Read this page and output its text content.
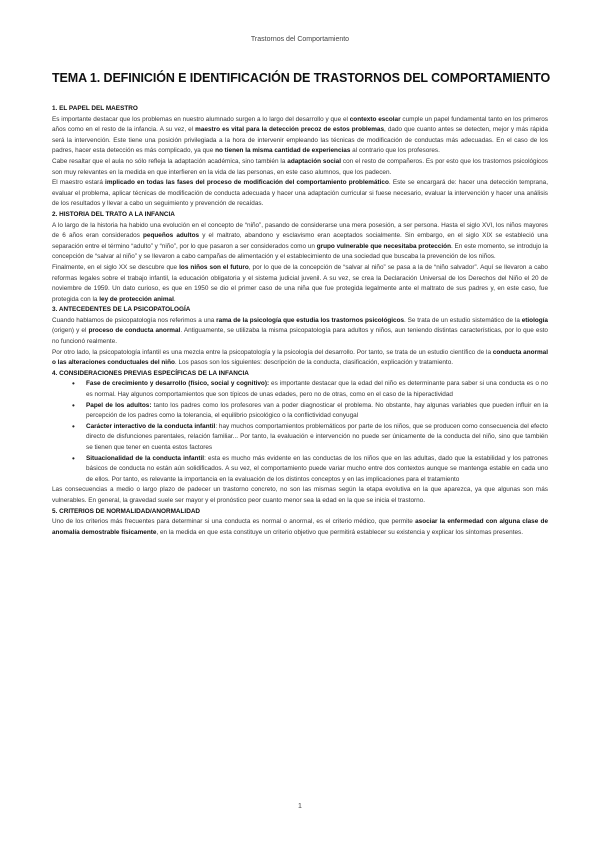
Trastornos del Comportamiento
TEMA 1. DEFINICIÓN E IDENTIFICACIÓN DE TRASTORNOS DEL COMPORTAMIENTO

1. EL PAPEL DEL MAESTRO

Es importante destacar que los problemas en nuestro alumnado surgen a lo largo del desarrollo y que el contexto escolar cumple un papel fundamental tanto en los primeros años como en el resto de la infancia. A su vez, el maestro es vital para la detección precoz de estos problemas, dado que cuanto antes se detecten, mejor y más rápida será la intervención. Este tiene una posición privilegiada a la hora de intervenir empleando las técnicas de modificación de conductas más adecuadas. En el caso de los padres, hacer esta detección es más complicado, ya que no tienen la misma cantidad de experiencias al contrario que los profesores.

Cabe resaltar que el aula no sólo refleja la adaptación académica, sino también la adaptación social con el resto de compañeros. Es por esto que los trastornos psicológicos son muy relevantes en la medida en que interfieren en la vida de las personas, en este caso alumnos, que los padecen.

El maestro estará implicado en todas las fases del proceso de modificación del comportamiento problemático. Este se encargará de: hacer una detección temprana, evaluar el problema, aplicar técnicas de modificación de conducta adecuada y hacer una adaptación curricular si fuese necesario, evaluar la intervención y hacer una análisis de los resultados y llevar a cabo un seguimiento y prevención de recaídas.

2. HISTORIA DEL TRATO A LA INFANCIA

A lo largo de la historia ha habido una evolución en el concepto de “niño”, pasando de considerarse una mera posesión, a ser persona. Hasta el siglo XVI, los niños mayores de 6 años eran considerados pequeños adultos y el maltrato, abandono y esclavismo eran aceptados socialmente. Sin embargo, en el siglo XIX se estableció una separación entre el término “adulto” y “niño”, por lo que pasaron a ser considerados como un grupo vulnerable que necesitaba protección. En este momento, se introdujo la concepción de “salvar al niño” y se llevaron a cabo campañas de alimentación y el establecimiento de una sociedad que buscaba la prevención de los niños.

Finalmente, en el siglo XX se descubre que los niños son el futuro, por lo que de la concepción de “salvar al niño” se pasa a la de “niño salvador”. Aquí se llevaron a cabo reformas legales sobre el trabajo infantil, la educación obligatoria y el sistema judicial juvenil. A su vez, se crea la Declaración Universal de los Derechos del Niño el 20 de noviembre de 1959. Un dato curioso, es que en 1950 se dio el primer caso de una niña que fue protegida legalmente ante el maltrato de sus padres y, en este caso, fue protegida con la ley de protección animal.

3. ANTECEDENTES DE LA PSICOPATOLOGÍA

Cuando hablamos de psicopatología nos referimos a una rama de la psicología que estudia los trastornos psicológicos. Se trata de un estudio sistemático de la etiología (origen) y el proceso de conducta anormal. Antiguamente, se utilizaba la misma psicopatología para adultos y niños, aun teniendo distintas características, por lo que esto no funcionó realmente.

Por otro lado, la psicopatología infantil es una mezcla entre la psicopatología y la psicología del desarrollo. Por tanto, se trata de un estudio científico de la conducta anormal o las alteraciones conductuales del niño. Los pasos son los siguientes: descripción de la conducta, clasificación, explicación y tratamiento.

4. CONSIDERACIONES PREVIAS ESPECÍFICAS DE LA INFANCIA

• Fase de crecimiento y desarrollo (físico, social y cognitivo): es importante destacar que la edad del niño es determinante para saber si una conducta es o no es normal. Hay algunos comportamientos que son típicos de unas edades, pero no de otras, como en el caso de la hiperactividad
• Papel de los adultos: tanto los padres como los profesores van a poder diagnosticar el problema. No obstante, hay algunas variables que pueden influir en la percepción de los padres como la tolerancia, el equilibrio psicológico o la conflictividad conyugal
• Carácter interactivo de la conducta infantil: hay muchos comportamientos problemáticos por parte de los niños, que se producen como consecuencia del efecto directo de disfunciones parentales, relación familiar... Por tanto, la evaluación e intervención no puede ser únicamente de la conducta del niño, sino que también se tienen que tener en cuenta estos factores
• Situacionalidad de la conducta infantil: esta es mucho más evidente en las conductas de los niños que en las adultas, dado que la estabilidad y los patrones básicos de conducta no están aún solidificados. A su vez, el comportamiento puede variar mucho entre dos contextos aunque se mantenga estable en cada uno de ellos. Por tanto, es relevante la importancia en la evaluación de los distintos conceptos y en las implicaciones para el tratamiento

Las consecuencias a medio o largo plazo de padecer un trastorno concreto, no son las mismas según la etapa evolutiva en la que aparezca, ya que algunas son más vulnerables. En general, la gravedad suele ser mayor y el pronóstico peor cuanto menor sea la edad en la que se inicia el trastorno.

5. CRITERIOS DE NORMALIDAD/ANORMALIDAD

Uno de los criterios más frecuentes para determinar si una conducta es normal o anormal, es el criterio médico, que permite asociar la enfermedad con alguna clase de anomalía demostrable físicamente, en la medida en que esta constituye un criterio objetivo que permitirá establecer su existencia y explicar los síntomas presentes.

1
